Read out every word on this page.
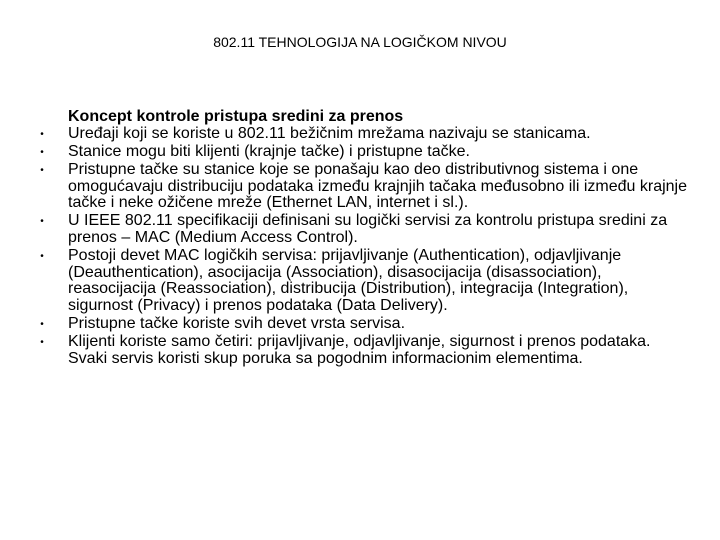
802.11 TEHNOLOGIJA NA LOGIČKOM NIVOU

Koncept kontrole pristupa sredini za prenos

• Uređaji koji se koriste u 802.11 bežičnim mrežama nazivaju se stanicama.
• Stanice mogu biti klijenti (krajnje tačke) i pristupne tačke.
• Pristupne tačke su stanice koje se ponašaju kao deo distributivnog sistema i one omogućavaju distribuciju podataka između krajnjih tačaka međusobno ili između krajnje tačke i neke ožičene mreže (Ethernet LAN, internet i sl.).
• U IEEE 802.11 specifikaciji definisani su logički servisi za kontrolu pristupa sredini za prenos – MAC (Medium Access Control).
• Postoji devet MAC logičkih servisa: prijavljivanje (Authentication), odjavljivanje (Deauthentication), asocijacija (Association), disasocijacija (disassociation), reasocijacija (Reassociation), distribucija (Distribution), integracija (Integration), sigurnost (Privacy) i prenos podataka (Data Delivery).
• Pristupne tačke koriste svih devet vrsta servisa.
• Klijenti koriste samo četiri: prijavljivanje, odjavljivanje, sigurnost i prenos podataka. Svaki servis koristi skup poruka sa pogodnim informacionim elementima.
